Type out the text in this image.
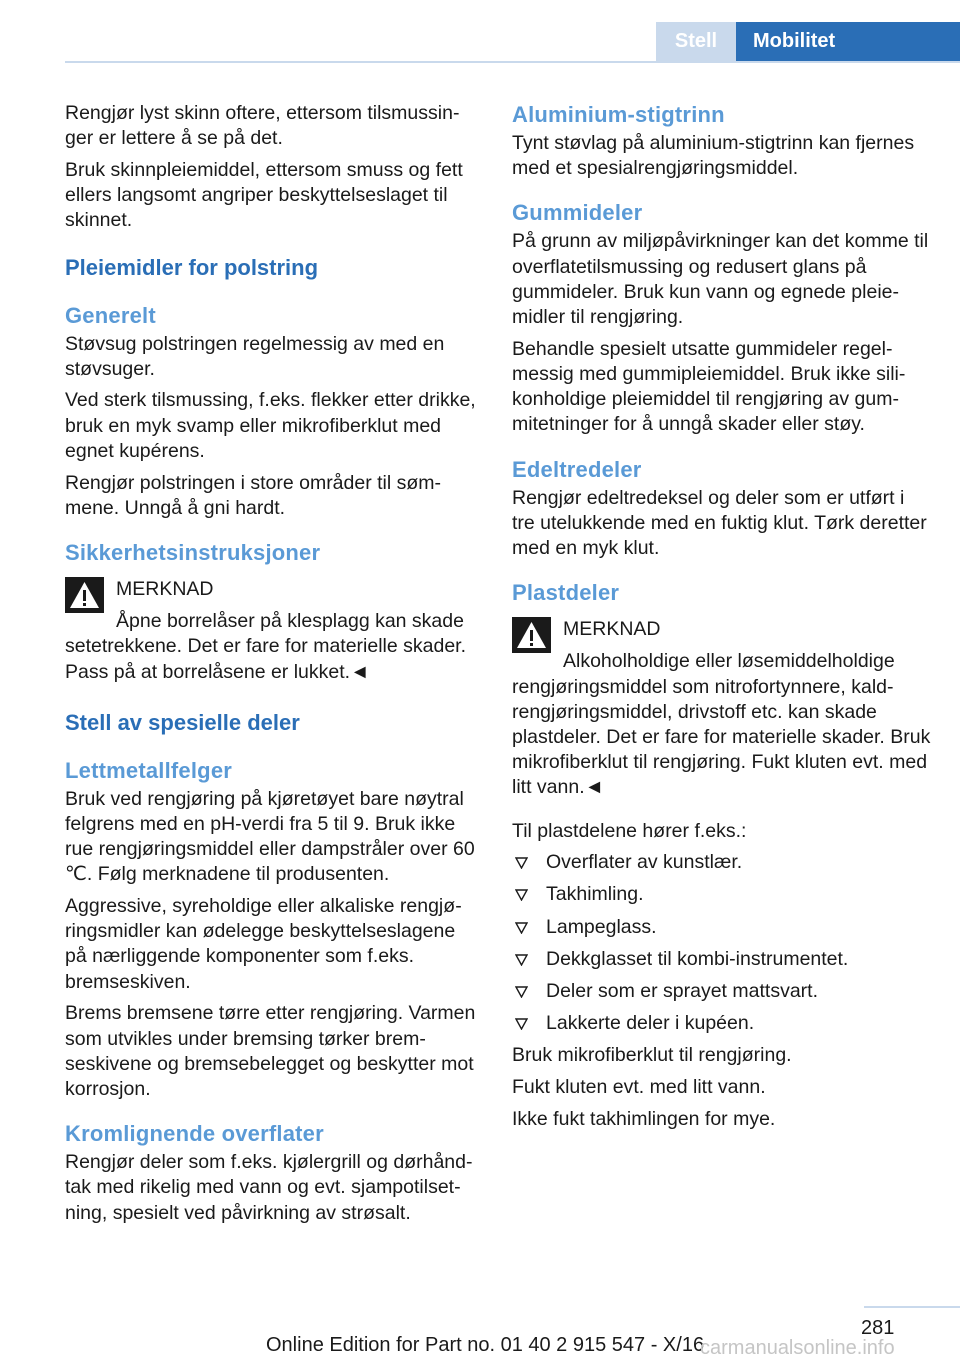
Stell	Mobilitet

Rengjør lyst skinn oftere, ettersom tilsmussinger er lettere å se på det.

Bruk skinnpleiemiddel, ettersom smuss og fett ellers langsomt angriper beskyttelseslaget til skinnet.

Pleiemidler for polstring
Generelt

Støvsug polstringen regelmessig av med en støvsuger.

Ved sterk tilsmussing, f.eks. flekker etter drikke, bruk en myk svamp eller mikrofiberklut med egnet kupérens.

Rengjør polstringen i store områder til sømmene. Unngå å gni hardt.

Sikkerhetsinstruksjoner
MERKNAD
Åpne borrelåser på klesplagg kan skade setetrekkene. Det er fare for materielle skader. Pass på at borrelåsene er lukket.◄
Stell av spesielle deler
Lettmetallfelger

Bruk ved rengjøring på kjøretøyet bare nøytral felgrens med en pH-verdi fra 5 til 9. Bruk ikke rue rengjøringsmiddel eller dampstråler over 60 ℃. Følg merknadene til produsenten.

Aggressive, syreholdige eller alkaliske rengjøringsmidler kan ødelegge beskyttelseslagene på nærliggende komponenter som f.eks. bremseskiven.

Brems bremsene tørre etter rengjøring. Varmen som utvikles under bremsing tørker bremseskivene og bremsebelegget og beskytter mot korrosjon.

Kromlignende overflater

Rengjør deler som f.eks. kjølergrill og dørhåndtak med rikelig med vann og evt. sjampotilsetning, spesielt ved påvirkning av strøsalt.

Aluminium-stigtrinn

Tynt støvlag på aluminium-stigtrinn kan fjernes med et spesialrengjøringsmiddel.

Gummideler

På grunn av miljøpåvirkninger kan det komme til overflatetilsmussing og redusert glans på gummideler. Bruk kun vann og egnede pleiemidler til rengjøring.

Behandle spesielt utsatte gummideler regelmessig med gummipleiemiddel. Bruk ikke silikonholdige pleiemiddel til rengjøring av gummitetninger for å unngå skader eller støy.

Edeltredeler

Rengjør edeltredeksel og deler som er utført i tre utelukkende med en fuktig klut. Tørk deretter med en myk klut.

Plastdeler
MERKNAD
Alkoholholdige eller løsemiddelholdige rengjøringsmiddel som nitrofortynnere, kaldrengjøringsmiddel, drivstoff etc. kan skade plastdeler. Det er fare for materielle skader. Bruk mikrofiberklut til rengjøring. Fukt kluten evt. med litt vann.◄

Til plastdelene hører f.eks.:

Overflater av kunstlær.
Takhimling.
Lampeglass.
Dekkglasset til kombi-instrumentet.
Deler som er sprayet mattsvart.
Lakkerte deler i kupéen.

Bruk mikrofiberklut til rengjøring.

Fukt kluten evt. med litt vann.

Ikke fukt takhimlingen for mye.

281
Online Edition for Part no. 01 40 2 915 547 - X/16
carmanualsonline.info
